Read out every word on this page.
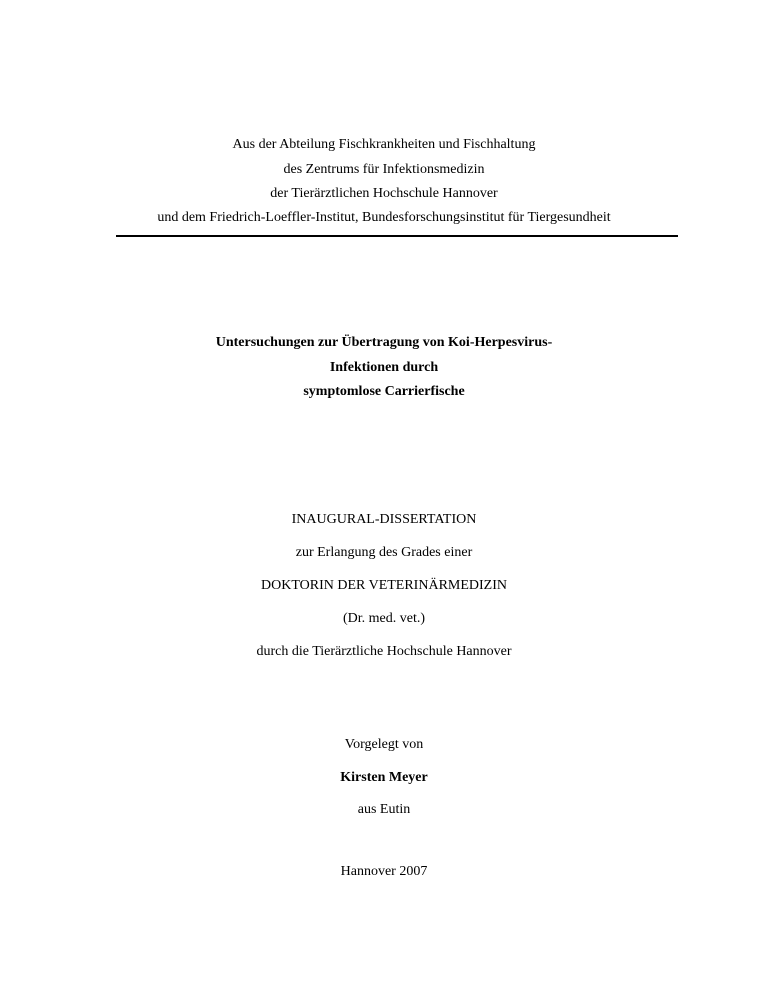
Aus der Abteilung Fischkrankheiten und Fischhaltung
des Zentrums für Infektionsmedizin
der Tierärztlichen Hochschule Hannover
und dem Friedrich-Loeffler-Institut, Bundesforschungsinstitut für Tiergesundheit
Untersuchungen zur Übertragung von Koi-Herpesvirus-
Infektionen durch
symptomlose Carrierfische
INAUGURAL-DISSERTATION
zur Erlangung des Grades einer
DOKTORIN DER VETERINÄRMEDIZIN
(Dr. med. vet.)
durch die Tierärztliche Hochschule Hannover
Vorgelegt von
Kirsten Meyer
aus Eutin
Hannover 2007
